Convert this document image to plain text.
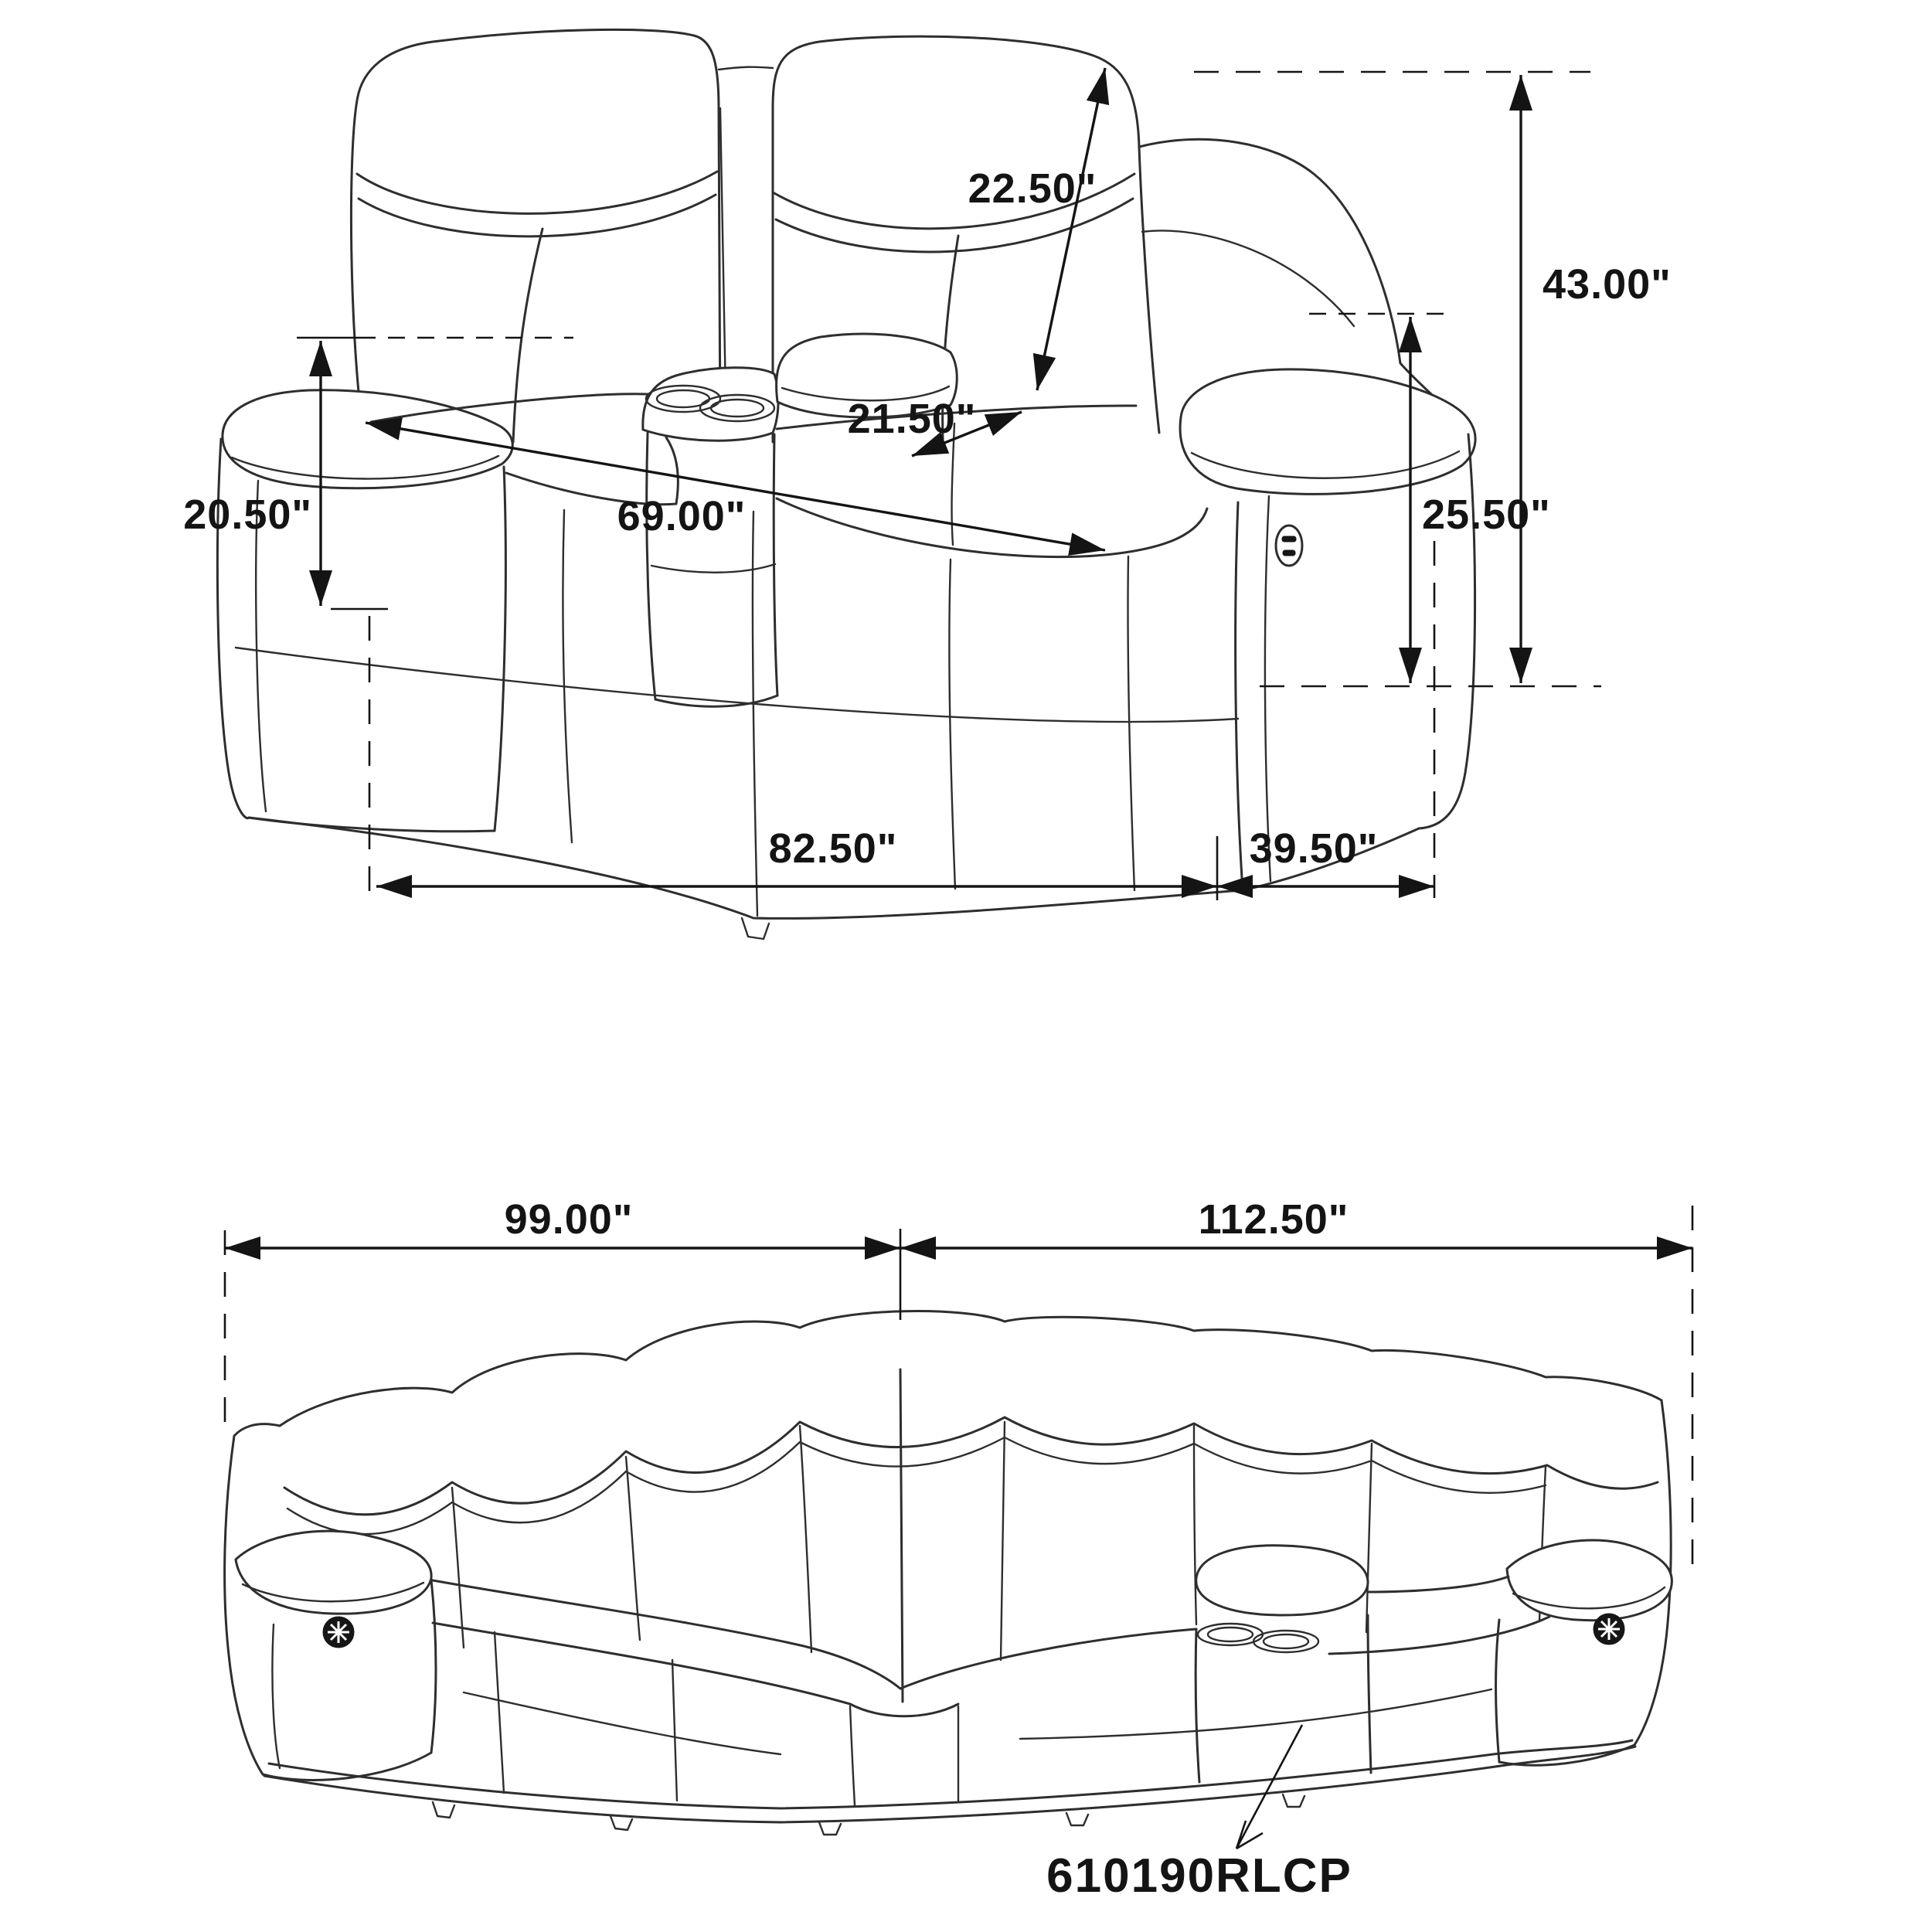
22.50"
21.50"
69.00"
20.50"
43.00"
25.50"
82.50"	39.50"
99.00"	112.50"
610190RLCP
